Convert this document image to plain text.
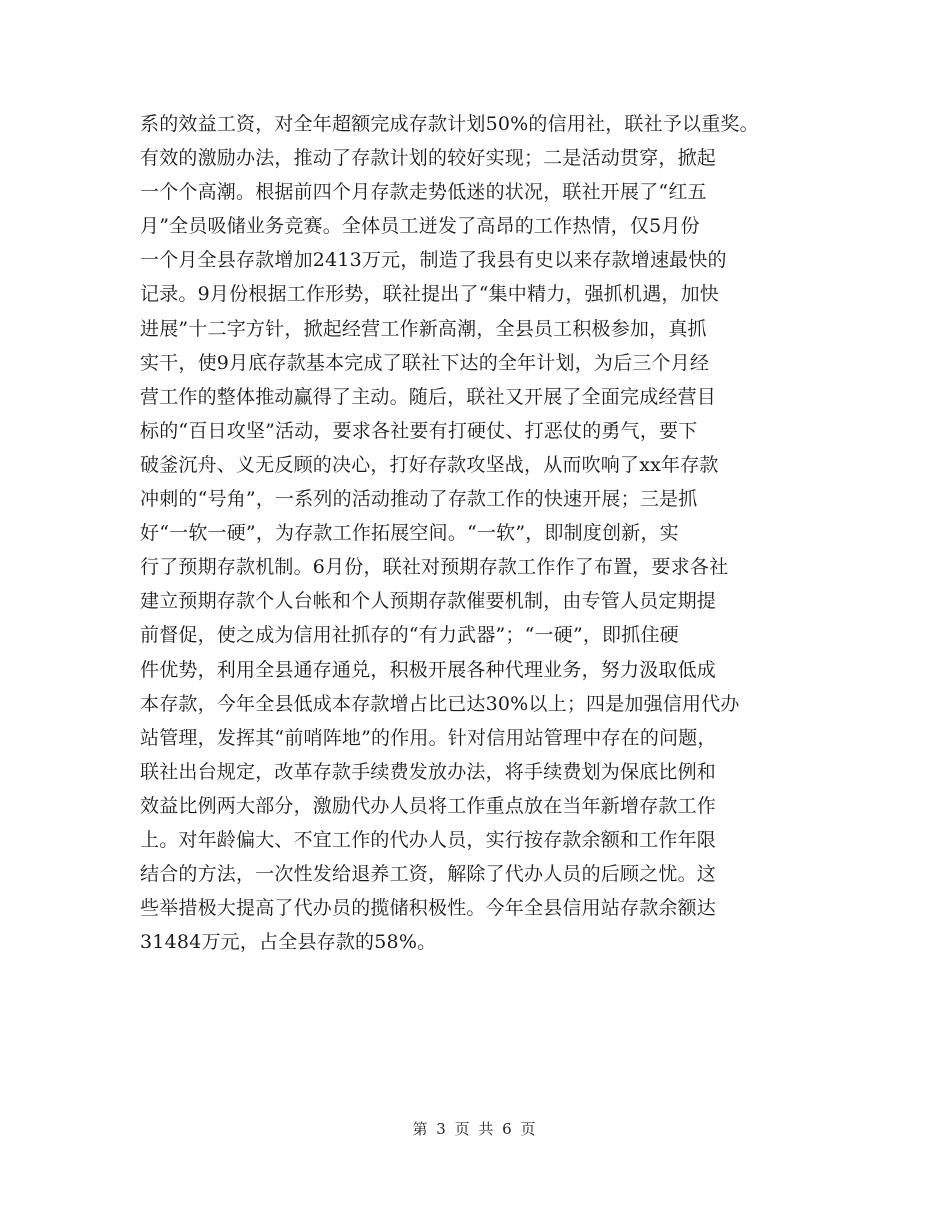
系的效益工资，对全年超额完成存款计划50%的信用社，联社予以重奖。
有效的激励办法，推动了存款计划的较好实现；二是活动贯穿，掀起
一个个高潮。根据前四个月存款走势低迷的状况，联社开展了“红五
月”全员吸储业务竞赛。全体员工迸发了高昂的工作热情，仅5月份
一个月全县存款增加2413万元，制造了我县有史以来存款增速最快的
记录。9月份根据工作形势，联社提出了“集中精力，强抓机遇，加快
进展”十二字方针，掀起经营工作新高潮，全县员工积极参加，真抓
实干，使9月底存款基本完成了联社下达的全年计划，为后三个月经
营工作的整体推动赢得了主动。随后，联社又开展了全面完成经营目
标的“百日攻坚”活动，要求各社要有打硬仗、打恶仗的勇气，要下
破釜沉舟、义无反顾的决心，打好存款攻坚战，从而吹响了xx年存款
冲刺的“号角”，一系列的活动推动了存款工作的快速开展；三是抓
好“一软一硬”，为存款工作拓展空间。“一软”，即制度创新，实
行了预期存款机制。6月份，联社对预期存款工作作了布置，要求各社
建立预期存款个人台帐和个人预期存款催要机制，由专管人员定期提
前督促，使之成为信用社抓存的“有力武器”；“一硬”，即抓住硬
件优势，利用全县通存通兑，积极开展各种代理业务，努力汲取低成
本存款，今年全县低成本存款增占比已达30%以上；四是加强信用代办
站管理，发挥其“前哨阵地”的作用。针对信用站管理中存在的问题，
联社出台规定，改革存款手续费发放办法，将手续费划为保底比例和
效益比例两大部分，激励代办人员将工作重点放在当年新增存款工作
上。对年龄偏大、不宜工作的代办人员，实行按存款余额和工作年限
结合的方法，一次性发给退养工资，解除了代办人员的后顾之忧。这
些举措极大提高了代办员的揽储积极性。今年全县信用站存款余额达
31484万元，占全县存款的58%。
第 3 页 共 6 页
